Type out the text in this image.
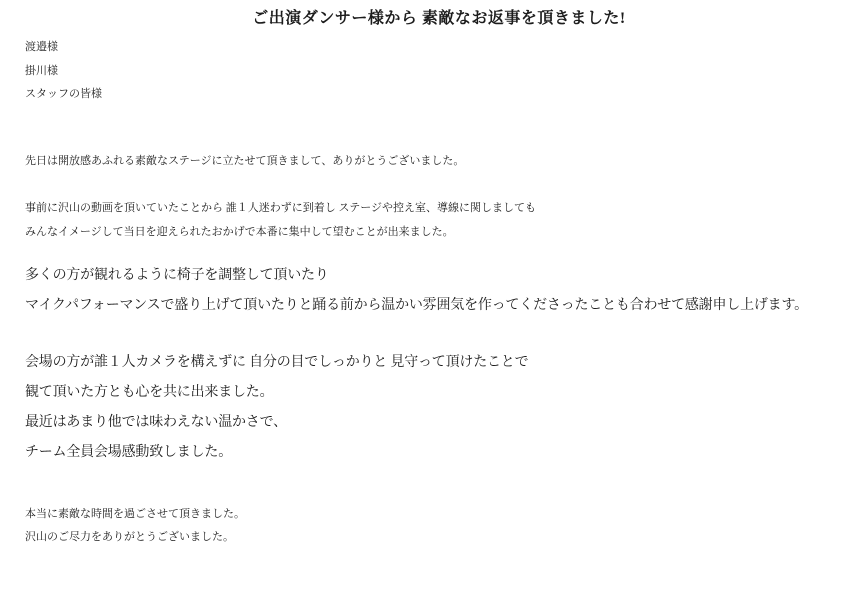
ご出演ダンサー様から 素敵なお返事を頂きました!
渡邉様
掛川様
スタッフの皆様
先日は開放感あふれる素敵なステージに立たせて頂きまして、ありがとうございました。
事前に沢山の動画を頂いていたことから 誰１人迷わずに到着し ステージや控え室、導線に関しましても
みんなイメージして当日を迎えられたおかげで本番に集中して望むことが出来ました。
多くの方が観れるように椅子を調整して頂いたり
マイクパフォーマンスで盛り上げて頂いたりと踊る前から温かい雰囲気を作ってくださったことも合わせて感謝申し上げます。
会場の方が誰１人カメラを構えずに 自分の目でしっかりと 見守って頂けたことで
観て頂いた方とも心を共に出来ました。
最近はあまり他では味わえない温かさで、
チーム全員会場感動致しました。
本当に素敵な時間を過ごさせて頂きました。
沢山のご尽力をありがとうございました。
